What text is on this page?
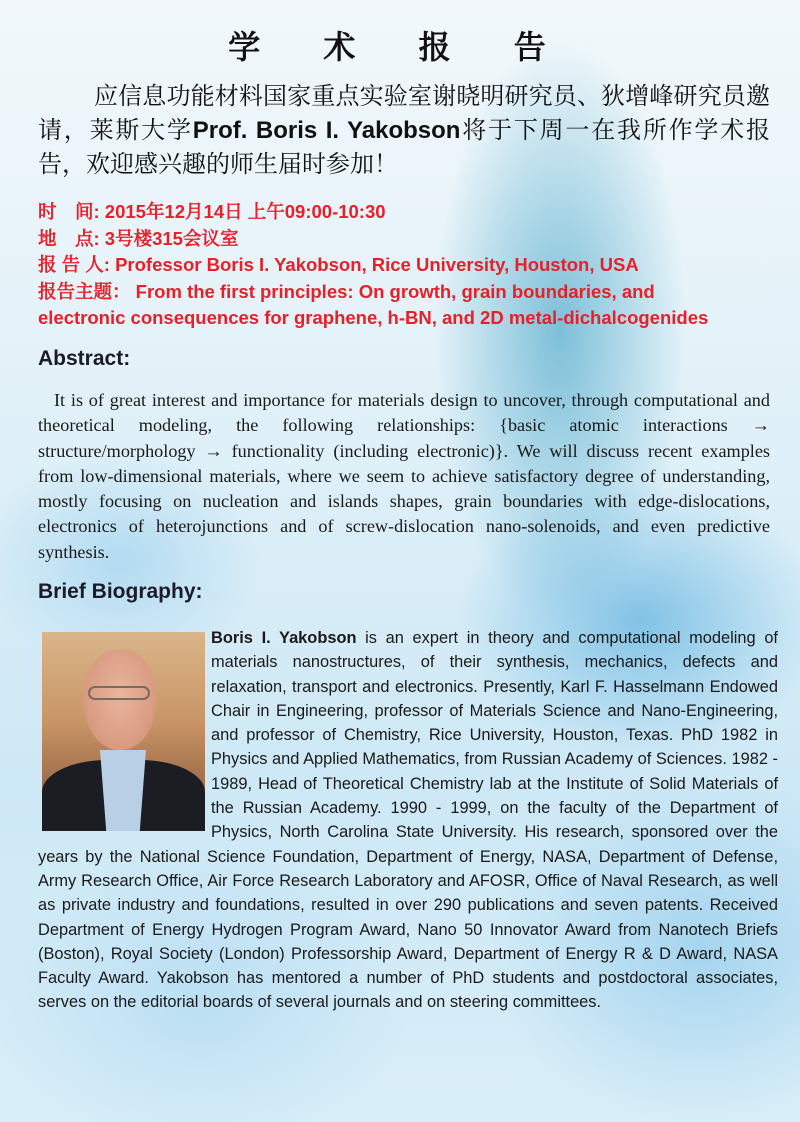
学 术 报 告
应信息功能材料国家重点实验室谢晓明研究员、狄增峰研究员邀请，莱斯大学Prof. Boris I. Yakobson将于下周一在我所作学术报告，欢迎感兴趣的师生届时参加！
时　间: 2015年12月14日 上午09:00-10:30
地　点: 3号楼315会议室
报 告 人: Professor Boris I. Yakobson, Rice University, Houston, USA
报告主题： From the first principles: On growth, grain boundaries, and
electronic consequences for graphene, h-BN, and 2D metal-dichalcogenides
Abstract:
It is of great interest and importance for materials design to uncover, through computational and theoretical modeling, the following relationships: {basic atomic interactions → structure/morphology → functionality (including electronic)}. We will discuss recent examples from low-dimensional materials, where we seem to achieve satisfactory degree of understanding, mostly focusing on nucleation and islands shapes, grain boundaries with edge-dislocations, electronics of heterojunctions and of screw-dislocation nano-solenoids, and even predictive synthesis.
Brief Biography:
Boris I. Yakobson is an expert in theory and computational modeling of materials nanostructures, of their synthesis, mechanics, defects and relaxation, transport and electronics. Presently, Karl F. Hasselmann Endowed Chair in Engineering, professor of Materials Science and Nano-Engineering, and professor of Chemistry, Rice University, Houston, Texas. PhD 1982 in Physics and Applied Mathematics, from Russian Academy of Sciences. 1982 - 1989, Head of Theoretical Chemistry lab at the Institute of Solid Materials of the Russian Academy. 1990 - 1999, on the faculty of the Department of Physics, North Carolina State University. His research, sponsored over the years by the National Science Foundation, Department of Energy, NASA, Department of Defense, Army Research Office, Air Force Research Laboratory and AFOSR, Office of Naval Research, as well as private industry and foundations, resulted in over 290 publications and seven patents. Received Department of Energy Hydrogen Program Award, Nano 50 Innovator Award from Nanotech Briefs (Boston), Royal Society (London) Professorship Award, Department of Energy R & D Award, NASA Faculty Award. Yakobson has mentored a number of PhD students and postdoctoral associates, serves on the editorial boards of several journals and on steering committees.
